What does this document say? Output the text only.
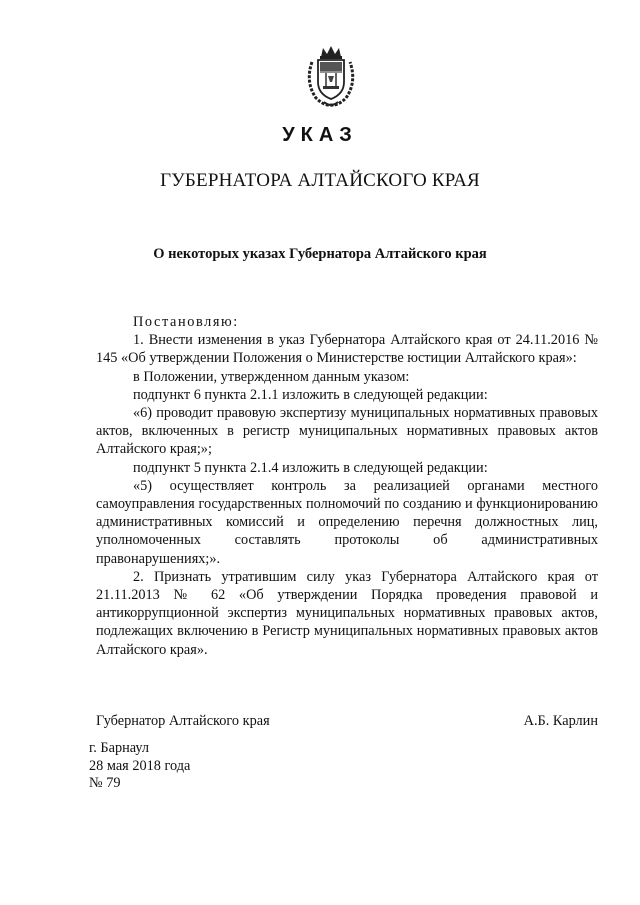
УКАЗ
ГУБЕРНАТОРА АЛТАЙСКОГО КРАЯ
О некоторых указах Губернатора Алтайского края

Постановляю:

1. Внести изменения в указ Губернатора Алтайского края от 24.11.2016 № 145 «Об утверждении Положения о Министерстве юстиции Алтайского края»:

в Положении, утвержденном данным указом:

подпункт 6 пункта 2.1.1 изложить в следующей редакции:

«6) проводит правовую экспертизу муниципальных нормативных правовых актов, включенных в регистр муниципальных нормативных правовых актов Алтайского края;»;

подпункт 5 пункта 2.1.4 изложить в следующей редакции:

«5) осуществляет контроль за реализацией органами местного самоуправления государственных полномочий по созданию и функционированию административных комиссий и определению перечня должностных лиц, уполномоченных составлять протоколы об административных правонарушениях;».

2. Признать утратившим силу указ Губернатора Алтайского края от 21.11.2013 № 62 «Об утверждении Порядка проведения правовой и антикоррупционной экспертиз муниципальных нормативных правовых актов, подлежащих включению в Регистр муниципальных нормативных правовых актов Алтайского края».

Губернатор Алтайского края	А.Б. Карлин
г. Барнаул
28 мая 2018 года
№ 79
